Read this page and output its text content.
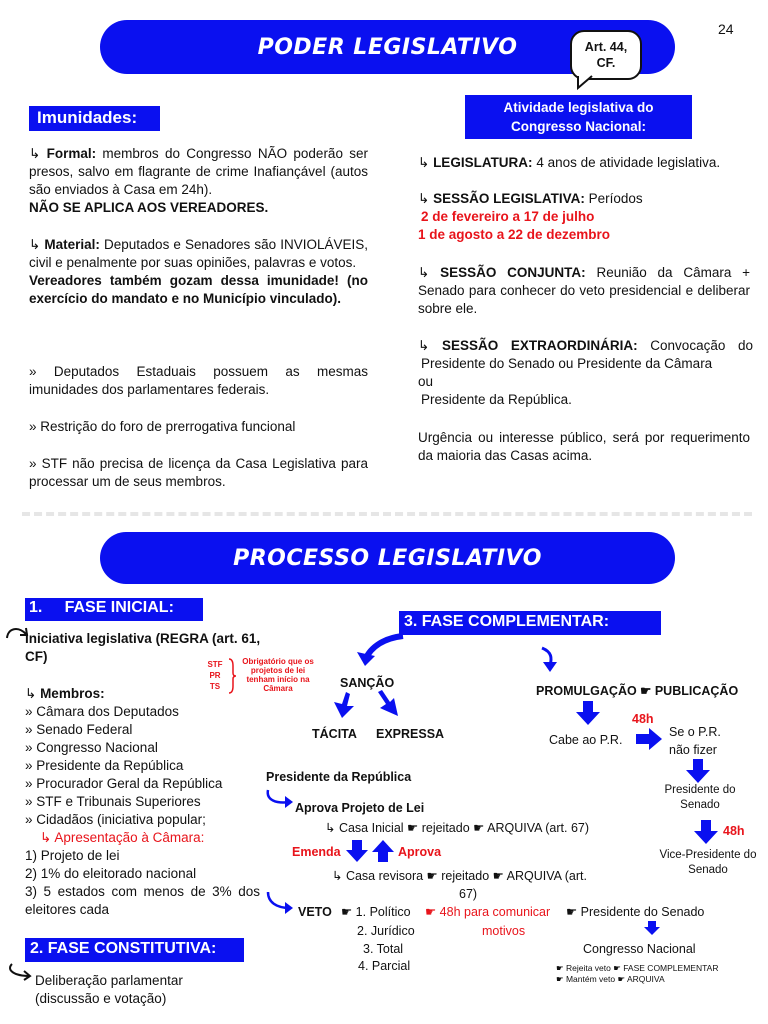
24
PODER LEGISLATIVO	Art. 44,
CF.
Imunidades:
↳ Formal: membros do Congresso NÃO poderão ser presos, salvo em flagrante de crime Inafiançável (autos são enviados à Casa em 24h).
NÃO SE APLICA AOS VEREADORES.
↳ Material: Deputados e Senadores são INVIOLÁVEIS, civil e penalmente por suas opiniões, palavras e votos.
Vereadores também gozam dessa imunidade! (no exercício do mandato e no Município vinculado).
» Deputados Estaduais possuem as mesmas imunidades dos parlamentares federais.
» Restrição do foro de prerrogativa funcional
» STF não precisa de licença da Casa Legislativa para processar um de seus membros.
Atividade legislativa do
Congresso Nacional:
↳ LEGISLATURA: 4 anos de atividade legislativa.
↳ SESSÃO LEGISLATIVA: Períodos
2 de fevereiro a 17 de julho
1 de agosto a 22 de dezembro
↳ SESSÃO CONJUNTA: Reunião da Câmara + Senado para conhecer do veto presidencial e deliberar sobre ele.
↳ SESSÃO EXTRAORDINÁRIA: Convocação do
Presidente do Senado ou Presidente da Câmara
ou
Presidente da República.
Urgência ou interesse público, será por requerimento da maioria das Casas acima.
PROCESSO LEGISLATIVO
1.     FASE INICIAL:
Iniciativa legislativa (REGRA (art. 61, CF)
↳ Membros:
» Câmara dos Deputados
» Senado Federal
» Congresso Nacional
» Presidente da República
» Procurador Geral da República
» STF e Tribunais Superiores
» Cidadãos (iniciativa popular;
↳ Apresentação à Câmara:
1) Projeto de lei
2) 1% do eleitorado nacional
3) 5 estados com menos de 3% dos eleitores cada
STF
PR
TS
Obrigatório que os projetos de lei tenham início na Câmara
2. FASE CONSTITUTIVA:
Deliberação parlamentar (discussão e votação)
3. FASE COMPLEMENTAR:
SANÇÃO
TÁCITA EXPRESSA
Presidente da República
Aprova Projeto de Lei
↳ Casa Inicial ☛ rejeitado ☛ ARQUIVA (art. 67)
Emenda	Aprova
↳ Casa revisora ☛ rejeitado ☛ ARQUIVA (art.
67)
VETO ☛ 1. Político ☛ 48h para comunicar ☛ Presidente do Senado
2. Jurídico	motivos
3. Total	Congresso Nacional
4. Parcial	☛ Rejeita veto ☛ FASE COMPLEMENTAR
☛ Mantém veto ☛ ARQUIVA
PROMULGAÇÃO ☛ PUBLICAÇÃO
48h
Cabe ao P.R.
Se o P.R.
não fizer
Presidente do
Senado
48h
Vice-Presidente do
Senado
